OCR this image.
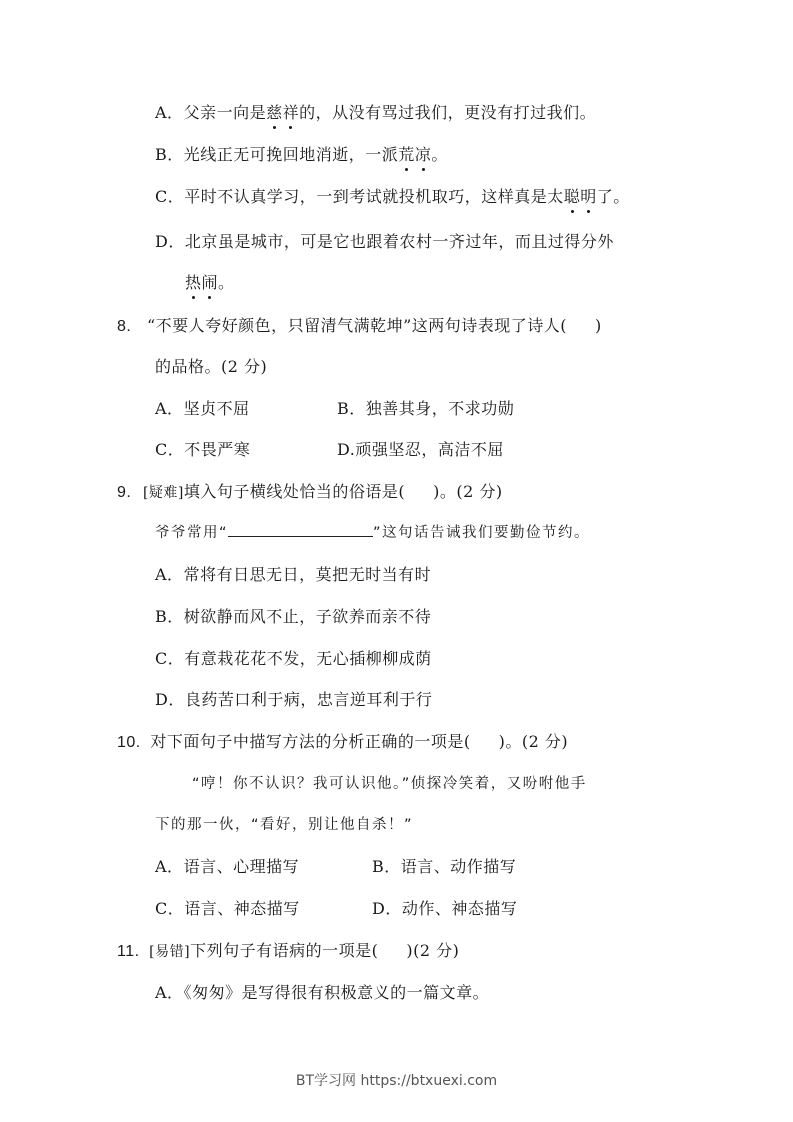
A．父亲一向是慈祥的，从没有骂过我们，更没有打过我们。
B．光线正无可挽回地消逝，一派荒凉。
C．平时不认真学习，一到考试就投机取巧，这样真是太聪明了。
D．北京虽是城市，可是它也跟着农村一齐过年，而且过得分外
热闹。
8. “不要人夸好颜色，只留清气满乾坤”这两句诗表现了诗人( )
的品格。(2 分)
A．坚贞不屈	B．独善其身，不求功勋
C．不畏严寒	D.顽强坚忍，高洁不屈
9. [疑难]填入句子横线处恰当的俗语是( )。(2 分)
爷爷常用“	”这句话告诫我们要勤俭节约。
A．常将有日思无日，莫把无时当有时
B．树欲静而风不止，子欲养而亲不待
C．有意栽花花不发，无心插柳柳成荫
D．良药苦口利于病，忠言逆耳利于行
10. 对下面句子中描写方法的分析正确的一项是( )。(2 分)
“哼！你不认识？我可认识他。”侦探冷笑着，又吩咐他手
下的那一伙，“看好，别让他自杀！”
A．语言、心理描写	B．语言、动作描写
C．语言、神态描写	D．动作、神态描写
11. [易错]下列句子有语病的一项是( )(2 分)
A．《匆匆》是写得很有积极意义的一篇文章。
BT学习网 https://btxuexi.com
